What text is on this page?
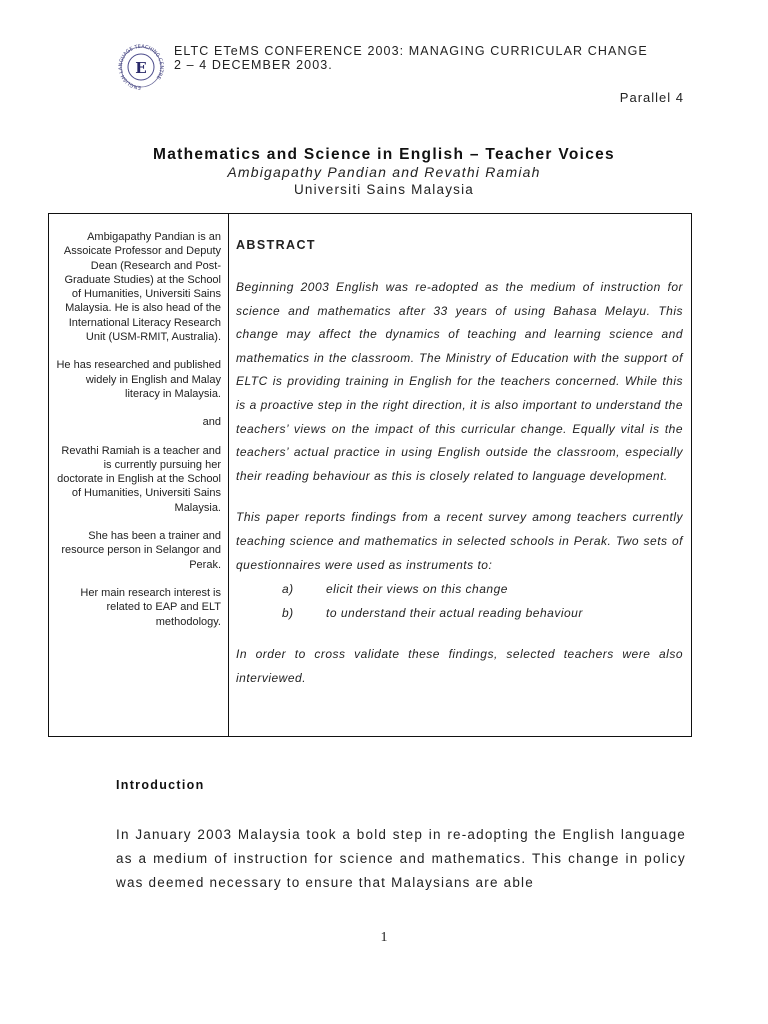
ENGLISH LANGUAGE TEACHING CENTRE
E
ELTC ETeMS CONFERENCE 2003: MANAGING CURRICULAR CHANGE
2 – 4 DECEMBER 2003.
Parallel 4
Mathematics and Science in English – Teacher Voices
Ambigapathy Pandian and Revathi Ramiah
Universiti Sains Malaysia

Ambigapathy Pandian is an Assoicate Professor and Deputy Dean (Research and Post-Graduate Studies) at the School of Humanities, Universiti Sains Malaysia. He is also head of the International Literacy Research Unit (USM-RMIT, Australia).

He has researched and published widely in English and Malay literacy in Malaysia.

and

Revathi Ramiah is a teacher and is currently pursuing her doctorate in English at the School of Humanities, Universiti Sains Malaysia.

She has been a trainer and resource person in Selangor and Perak.

Her main research interest is related to EAP and ELT methodology.

ABSTRACT

Beginning 2003 English was re-adopted as the medium of instruction for science and mathematics after 33 years of using Bahasa Melayu. This change may affect the dynamics of teaching and learning science and mathematics in the classroom. The Ministry of Education with the support of ELTC is providing training in English for the teachers concerned. While this is a proactive step in the right direction, it is also important to understand the teachers’ views on the impact of this curricular change. Equally vital is the teachers’ actual practice in using English outside the classroom, especially their reading behaviour as this is closely related to language development.

This paper reports findings from a recent survey among teachers currently teaching science and mathematics in selected schools in Perak. Two sets of questionnaires were used as instruments to:

a)	elicit their views on this change
b)	to understand their actual reading behaviour

In order to cross validate these findings, selected teachers were also interviewed.

Introduction
In January 2003 Malaysia took a bold step in re-adopting the English language as a medium of instruction for science and mathematics. This change in policy was deemed necessary to ensure that Malaysians are able
1
